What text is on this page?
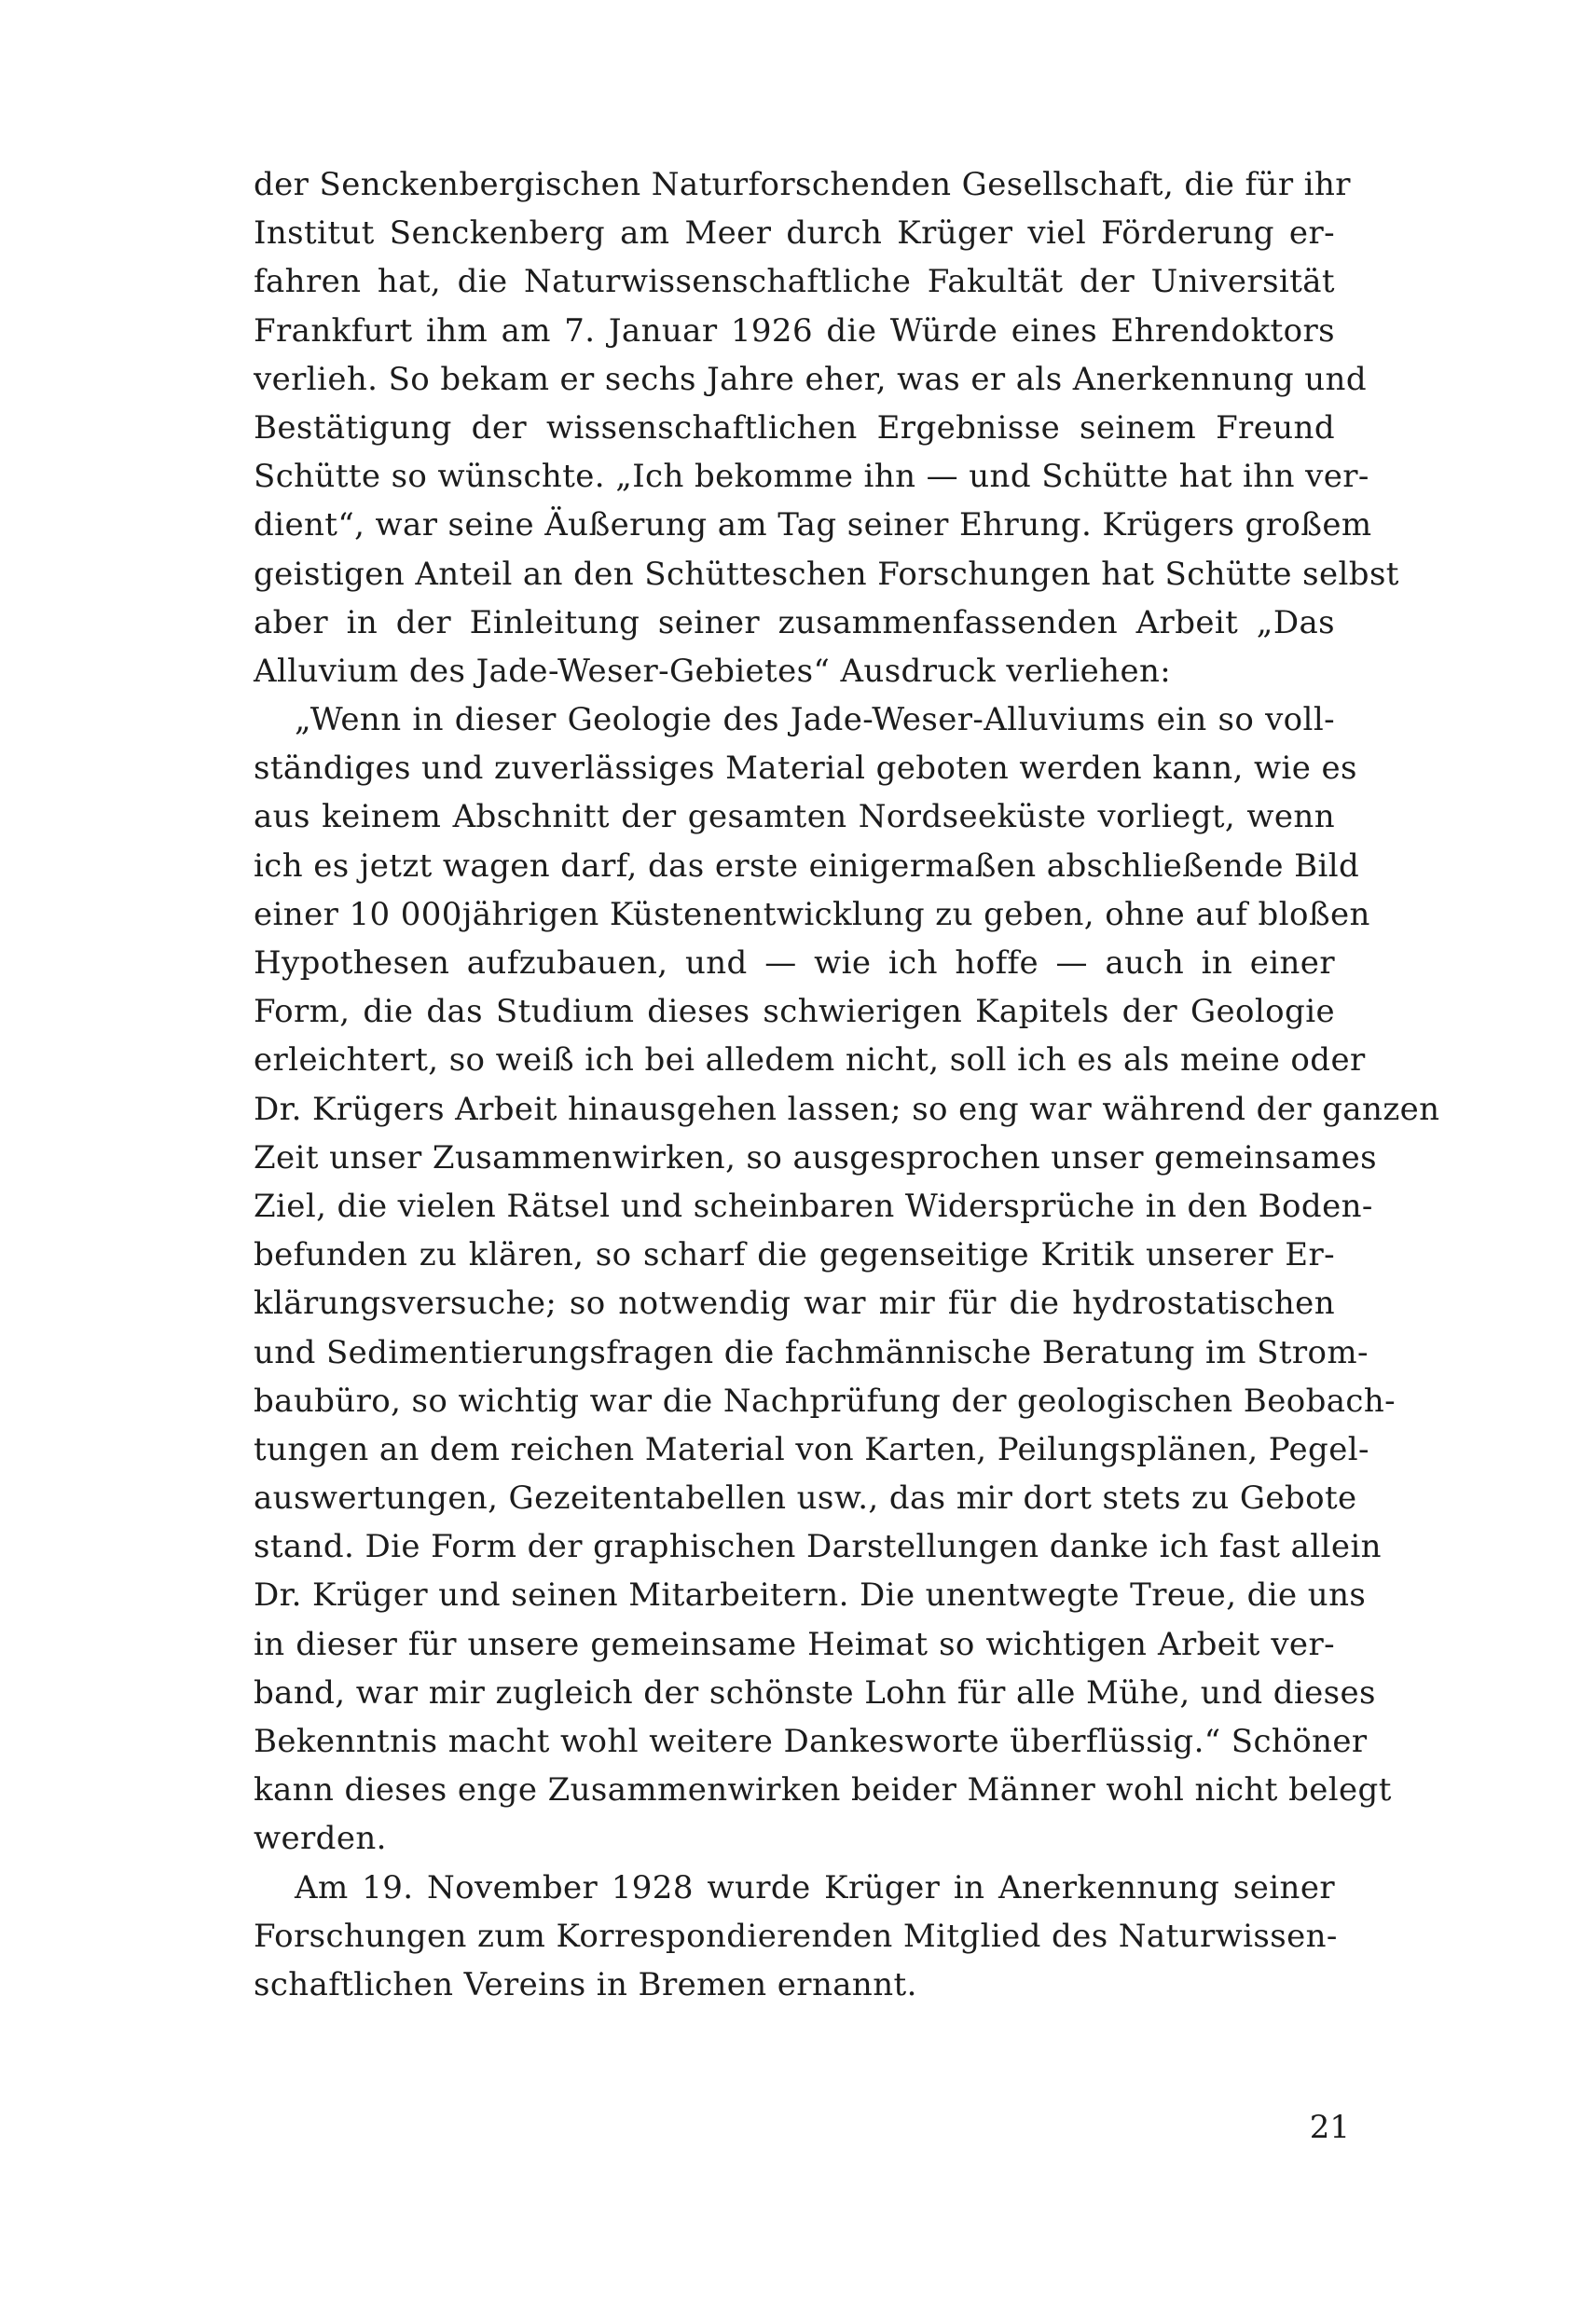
der Senckenbergischen Naturforschenden Gesellschaft, die für ihr
Institut Senckenberg am Meer durch Krüger viel Förderung er-
fahren hat, die Naturwissenschaftliche Fakultät der Universität
Frankfurt ihm am 7. Januar 1926 die Würde eines Ehrendoktors
verlieh. So bekam er sechs Jahre eher, was er als Anerkennung und
Bestätigung der wissenschaftlichen Ergebnisse seinem Freund
Schütte so wünschte. „Ich bekomme ihn — und Schütte hat ihn ver-
dient“, war seine Äußerung am Tag seiner Ehrung. Krügers großem
geistigen Anteil an den Schütteschen Forschungen hat Schütte selbst
aber in der Einleitung seiner zusammenfassenden Arbeit „Das
Alluvium des Jade-Weser-Gebietes“ Ausdruck verliehen:
„Wenn in dieser Geologie des Jade-Weser-Alluviums ein so voll-
ständiges und zuverlässiges Material geboten werden kann, wie es
aus keinem Abschnitt der gesamten Nordseeküste vorliegt, wenn
ich es jetzt wagen darf, das erste einigermaßen abschließende Bild
einer 10 000jährigen Küstenentwicklung zu geben, ohne auf bloßen
Hypothesen aufzubauen, und — wie ich hoffe — auch in einer
Form, die das Studium dieses schwierigen Kapitels der Geologie
erleichtert, so weiß ich bei alledem nicht, soll ich es als meine oder
Dr. Krügers Arbeit hinausgehen lassen; so eng war während der ganzen
Zeit unser Zusammenwirken, so ausgesprochen unser gemeinsames
Ziel, die vielen Rätsel und scheinbaren Widersprüche in den Boden-
befunden zu klären, so scharf die gegenseitige Kritik unserer Er-
klärungsversuche; so notwendig war mir für die hydrostatischen
und Sedimentierungsfragen die fachmännische Beratung im Strom-
baubüro, so wichtig war die Nachprüfung der geologischen Beobach-
tungen an dem reichen Material von Karten, Peilungsplänen, Pegel-
auswertungen, Gezeitentabellen usw., das mir dort stets zu Gebote
stand. Die Form der graphischen Darstellungen danke ich fast allein
Dr. Krüger und seinen Mitarbeitern. Die unentwegte Treue, die uns
in dieser für unsere gemeinsame Heimat so wichtigen Arbeit ver-
band, war mir zugleich der schönste Lohn für alle Mühe, und dieses
Bekenntnis macht wohl weitere Dankesworte überflüssig.“ Schöner
kann dieses enge Zusammenwirken beider Männer wohl nicht belegt
werden.
Am 19. November 1928 wurde Krüger in Anerkennung seiner
Forschungen zum Korrespondierenden Mitglied des Naturwissen-
schaftlichen Vereins in Bremen ernannt.
21
